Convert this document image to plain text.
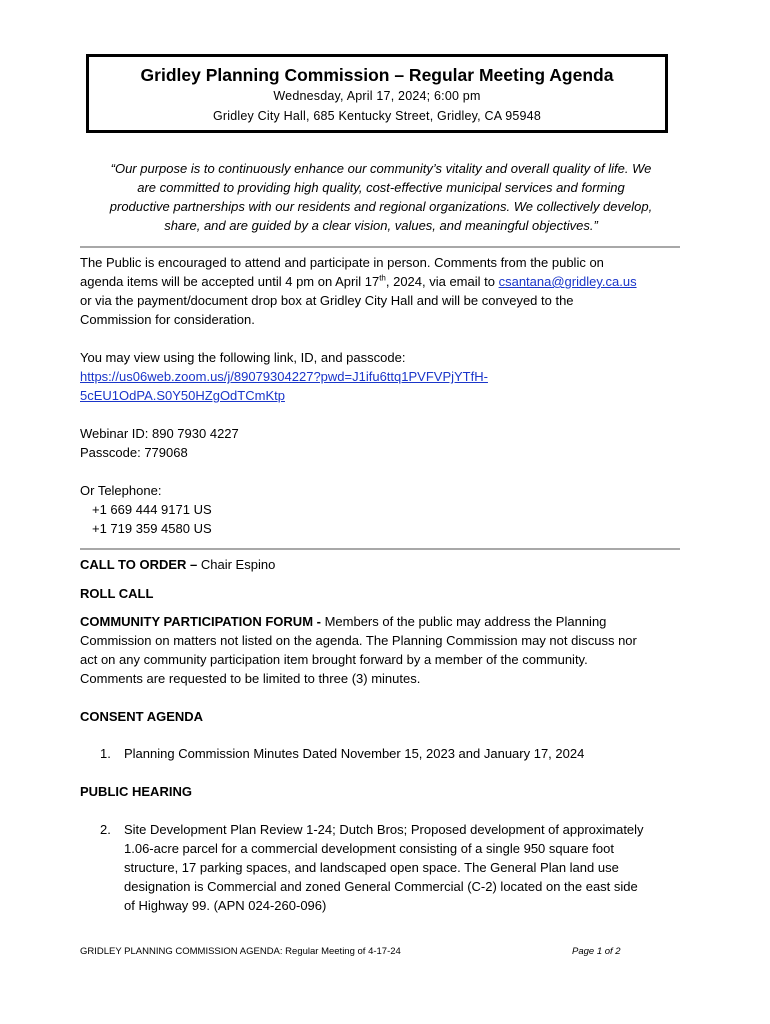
Gridley Planning Commission – Regular Meeting Agenda
Wednesday, April 17, 2024; 6:00 pm
Gridley City Hall, 685 Kentucky Street, Gridley, CA 95948
“Our purpose is to continuously enhance our community’s vitality and overall quality of life. We
are committed to providing high quality, cost-effective municipal services and forming
productive partnerships with our residents and regional organizations. We collectively develop,
share, and are guided by a clear vision, values, and meaningful objectives.”
The Public is encouraged to attend and participate in person. Comments from the public on
agenda items will be accepted until 4 pm on April 17th, 2024, via email to csantana@gridley.ca.us
or via the payment/document drop box at Gridley City Hall and will be conveyed to the
Commission for consideration.
You may view using the following link, ID, and passcode:
https://us06web.zoom.us/j/89079304227?pwd=J1ifu6ttq1PVFVPjYTfH-
5cEU1OdPA.S0Y50HZgOdTCmKtp
Webinar ID: 890 7930 4227
Passcode: 779068
Or Telephone:
+1 669 444 9171 US
+1 719 359 4580 US
CALL TO ORDER – Chair Espino
ROLL CALL
COMMUNITY PARTICIPATION FORUM - Members of the public may address the Planning
Commission on matters not listed on the agenda. The Planning Commission may not discuss nor
act on any community participation item brought forward by a member of the community.
Comments are requested to be limited to three (3) minutes.
CONSENT AGENDA
1.	Planning Commission Minutes Dated November 15, 2023 and January 17, 2024
PUBLIC HEARING
2.	Site Development Plan Review 1-24; Dutch Bros; Proposed development of approximately
1.06-acre parcel for a commercial development consisting of a single 950 square foot
structure, 17 parking spaces, and landscaped open space. The General Plan land use
designation is Commercial and zoned General Commercial (C-2) located on the east side
of Highway 99. (APN 024-260-096)
GRIDLEY PLANNING COMMISSION AGENDA: Regular Meeting of 4-17-24	Page 1 of 2
